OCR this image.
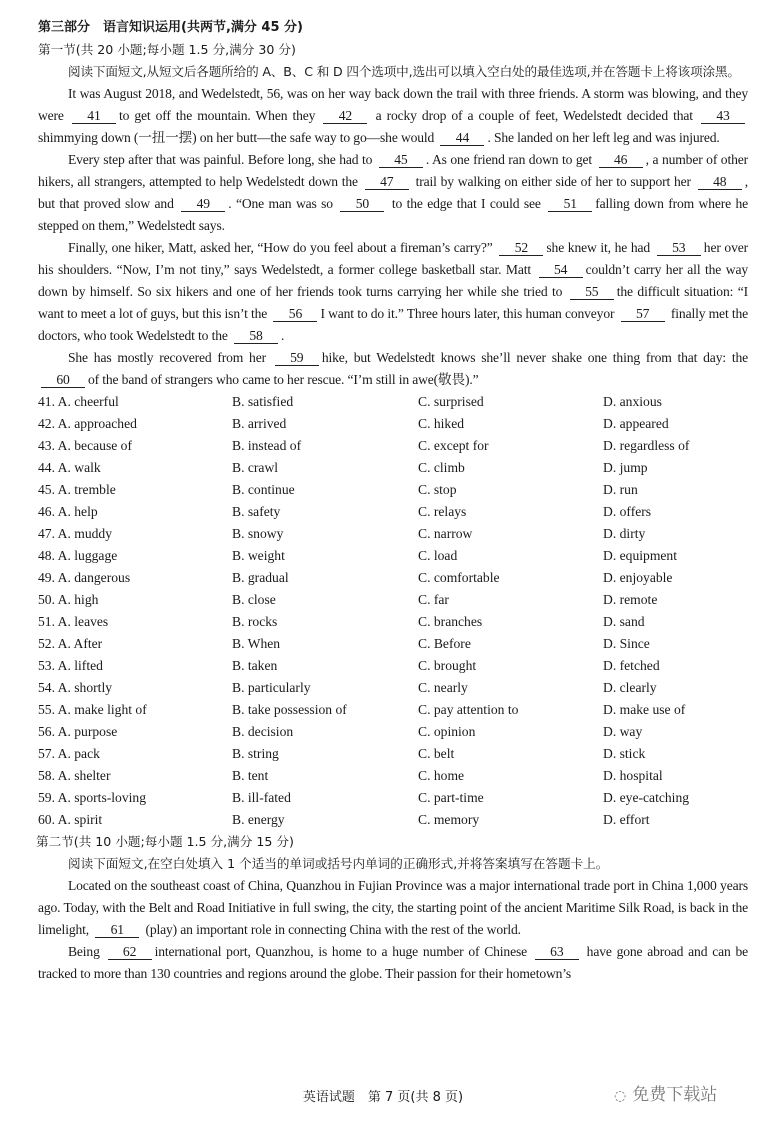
第三部分　语言知识运用(共两节,满分 45 分)
第一节(共 20 小题;每小题 1.5 分,满分 30 分)

阅读下面短文,从短文后各题所给的 A、B、C 和 D 四个选项中,选出可以填入空白处的最佳选项,并在答题卡上将该项涂黑。

It was August 2018, and Wedelstedt, 56, was on her way back down the trail with three friends. A storm was blowing, and they were 41 to get off the mountain. When they 42 a rocky drop of a couple of feet, Wedelstedt decided that 43 shimmying down (一扭一摆) on her butt—the safe way to go—she would 44 . She landed on her left leg and was injured.

Every step after that was painful. Before long, she had to 45 . As one friend ran down to get 46 , a number of other hikers, all strangers, attempted to help Wedelstedt down the 47 trail by walking on either side of her to support her 48 , but that proved slow and 49 . “One man was so 50 to the edge that I could see 51 falling down from where he stepped on them,” Wedelstedt says.

Finally, one hiker, Matt, asked her, “How do you feel about a fireman’s carry?” 52 she knew it, he had 53 her over his shoulders. “Now, I’m not tiny,” says Wedelstedt, a former college basketball star. Matt 54 couldn’t carry her all the way down by himself. So six hikers and one of her friends took turns carrying her while she tried to 55 the difficult situation: “I want to meet a lot of guys, but this isn’t the 56 I want to do it.” Three hours later, this human conveyor 57 finally met the doctors, who took Wedelstedt to the 58 .

She has mostly recovered from her 59 hike, but Wedelstedt knows she’ll never shake one thing from that day: the 60 of the band of strangers who came to her rescue. “I’m still in awe(敬畏).”

41. A. cheerful	B. satisfied	C. surprised	D. anxious
42. A. approached	B. arrived	C. hiked	D. appeared
43. A. because of	B. instead of	C. except for	D. regardless of
44. A. walk	B. crawl	C. climb	D. jump
45. A. tremble	B. continue	C. stop	D. run
46. A. help	B. safety	C. relays	D. offers
47. A. muddy	B. snowy	C. narrow	D. dirty
48. A. luggage	B. weight	C. load	D. equipment
49. A. dangerous	B. gradual	C. comfortable	D. enjoyable
50. A. high	B. close	C. far	D. remote
51. A. leaves	B. rocks	C. branches	D. sand
52. A. After	B. When	C. Before	D. Since
53. A. lifted	B. taken	C. brought	D. fetched
54. A. shortly	B. particularly	C. nearly	D. clearly
55. A. make light of	B. take possession of	C. pay attention to	D. make use of
56. A. purpose	B. decision	C. opinion	D. way
57. A. pack	B. string	C. belt	D. stick
58. A. shelter	B. tent	C. home	D. hospital
59. A. sports-loving	B. ill-fated	C. part-time	D. eye-catching
60. A. spirit	B. energy	C. memory	D. effort
第二节(共 10 小题;每小题 1.5 分,满分 15 分)
阅读下面短文,在空白处填入 1 个适当的单词或括号内单词的正确形式,并将答案填写在答题卡上。

Located on the southeast coast of China, Quanzhou in Fujian Province was a major international trade port in China 1,000 years ago. Today, with the Belt and Road Initiative in full swing, the city, the starting point of the ancient Maritime Silk Road, is back in the limelight, 61 (play) an important role in connecting China with the rest of the world.

Being 62 international port, Quanzhou, is home to a huge number of Chinese 63 have gone abroad and can be tracked to more than 130 countries and regions around the globe. Their passion for their hometown’s

英语试题　第 7 页(共 8 页)	◌ 免费下载站
